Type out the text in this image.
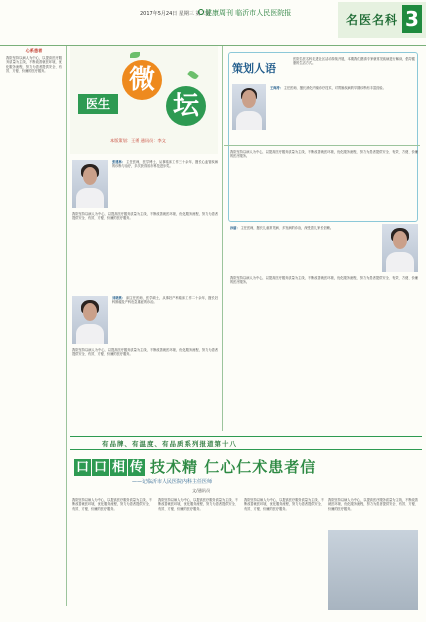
2017年5月24日 星期三 第三版
健康周刊 临沂市人民医院报	名医名科 3
心系患者
我院坚持以病人为中心，以提高医疗服务质量为主线，不断改善就医环境，优化服务流程，努力为患者提供安全、有效、方便、价廉的医疗服务。
医生
微
坛
本版策划：王勇 通讯员：李文
张建林： 主任医师，医学博士，从事临床工作三十余年，擅长心血管疾病的诊断与治疗，多次获得省市科技进步奖。
我院坚持以病人为中心，以提高医疗服务质量为主线，不断改善就医环境，优化服务流程，努力为患者提供安全、有效、方便、价廉的医疗服务。
刘晓燕： 副主任医师，医学硕士，从事妇产科临床工作二十余年，擅长妇科肿瘤及产科危急重症的诊治。
我院坚持以病人为中心，以提高医疗服务质量为主线，不断改善就医环境，优化服务流程，努力为患者提供安全、有效、方便、价廉的医疗服务。
策划人语
医院名医名科走进社区活动持续开展，本期我们邀请专家就常见疾病进行解读，倡导健康的生活方式。
王海涛： 主任医师，擅长消化内镜诊疗技术，对胃肠疾病的早期诊断有丰富经验。
我院坚持以病人为中心，以提高医疗服务质量为主线，不断改善就医环境，优化服务流程，努力为患者提供安全、有效、方便、价廉的医疗服务。
孙丽： 主任医师，擅长儿童常见病、多发病的诊治，深受患儿家长信赖。
我院坚持以病人为中心，以提高医疗服务质量为主线，不断改善就医环境，优化服务流程，努力为患者提供安全、有效、方便、价廉的医疗服务。
有品牌、有温度、有品质系列报道第十八
口 口 相 传 技术精 仁心仁术患者信
——记临沂市人民医院内科主任医师
文/通讯员
我院坚持以病人为中心，以提高医疗服务质量为主线，不断改善就医环境，优化服务流程，努力为患者提供安全、有效、方便、价廉的医疗服务。
我院坚持以病人为中心，以提高医疗服务质量为主线，不断改善就医环境，优化服务流程，努力为患者提供安全、有效、方便、价廉的医疗服务。
我院坚持以病人为中心，以提高医疗服务质量为主线，不断改善就医环境，优化服务流程，努力为患者提供安全、有效、方便、价廉的医疗服务。
我院坚持以病人为中心，以提高医疗服务质量为主线，不断改善就医环境，优化服务流程，努力为患者提供安全、有效、方便、价廉的医疗服务。
